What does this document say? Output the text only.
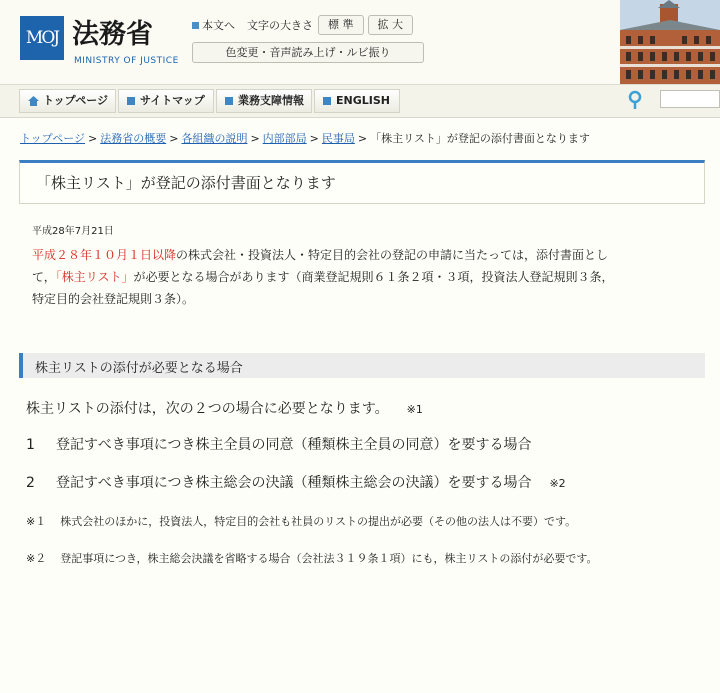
MOJ 法務省
MINISTRY OF JUSTICE
本文へ 文字の大きさ	標 準	拡 大
色変更・音声読み上げ・ルビ振り
トップページ	サイトマップ	業務支障情報	ENGLISH
トップページ > 法務省の概要 > 各組織の説明 > 内部部局 > 民事局 > 「株主リスト」が登記の添付書面となります
「株主リスト」が登記の添付書面となります
平成28年7月21日
平成２８年１０月１日以降の株式会社・投資法人・特定目的会社の登記の申請に当たっては，添付書面とし
て，「株主リスト」が必要となる場合があります（商業登記規則６１条２項・３項，投資法人登記規則３条，
特定目的会社登記規則３条）。
株主リストの添付が必要となる場合
株主リストの添付は，次の２つの場合に必要となります。 ※1
1 登記すべき事項につき株主全員の同意（種類株主全員の同意）を要する場合
2 登記すべき事項につき株主総会の決議（種類株主総会の決議）を要する場合 ※2
※１ 株式会社のほかに，投資法人，特定目的会社も社員のリストの提出が必要（その他の法人は不要）です。
※２ 登記事項につき，株主総会決議を省略する場合（会社法３１９条１項）にも，株主リストの添付が必要です。
